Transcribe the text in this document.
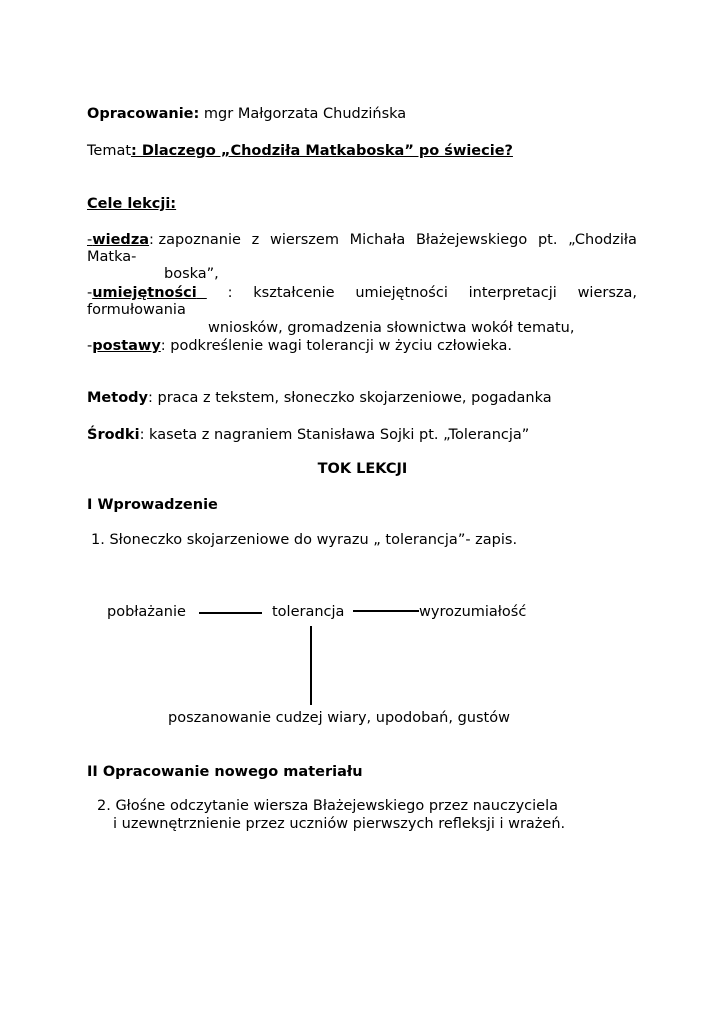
Opracowanie: mgr Małgorzata Chudzińska
Temat: Dlaczego „Chodziła Matkaboska” po świecie?
Cele lekcji:
-wiedza: zapoznanie z wierszem Michała Błażejewskiego pt. „Chodziła
Matka-
boska”,
-umiejętności	: kształcenie umiejętności interpretacji wiersza,
formułowania
wniosków, gromadzenia słownictwa wokół tematu,
-postawy: podkreślenie wagi tolerancji w życiu człowieka.
Metody: praca z tekstem, słoneczko skojarzeniowe, pogadanka
Środki: kaseta z nagraniem Stanisława Sojki pt. „Tolerancja”
TOK LEKCJI
I Wprowadzenie
1. Słoneczko skojarzeniowe do wyrazu „ tolerancja”- zapis.
pobłażanie	tolerancja	wyrozumiałość
poszanowanie cudzej wiary, upodobań, gustów
II Opracowanie nowego materiału
2. Głośne odczytanie wiersza Błażejewskiego przez nauczyciela
i uzewnętrznienie przez uczniów pierwszych refleksji i wrażeń.
